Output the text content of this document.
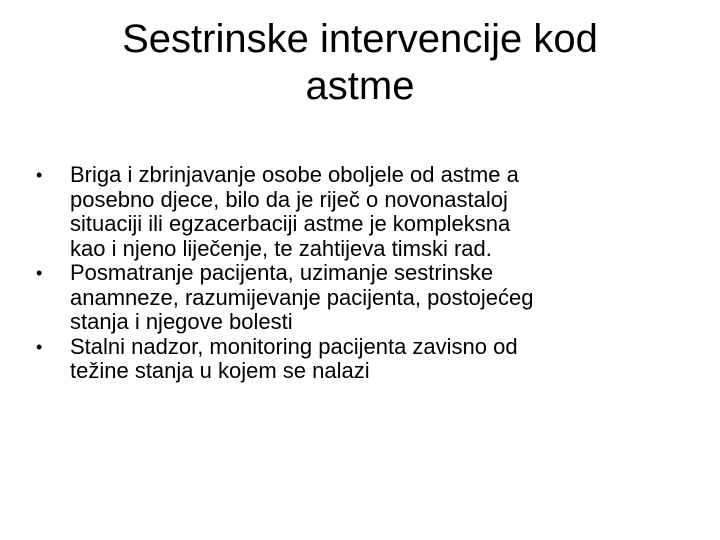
Sestrinske intervencije kod
astme
•	Briga i zbrinjavanje osobe oboljele od astme a
posebno djece, bilo da je riječ o novonastaloj
situaciji ili egzacerbaciji astme je kompleksna
kao i njeno liječenje, te zahtijeva timski rad.
•	Posmatranje pacijenta, uzimanje sestrinske
anamneze, razumijevanje pacijenta, postojećeg
stanja i njegove bolesti
•	Stalni nadzor, monitoring pacijenta zavisno od
težine stanja u kojem se nalazi
